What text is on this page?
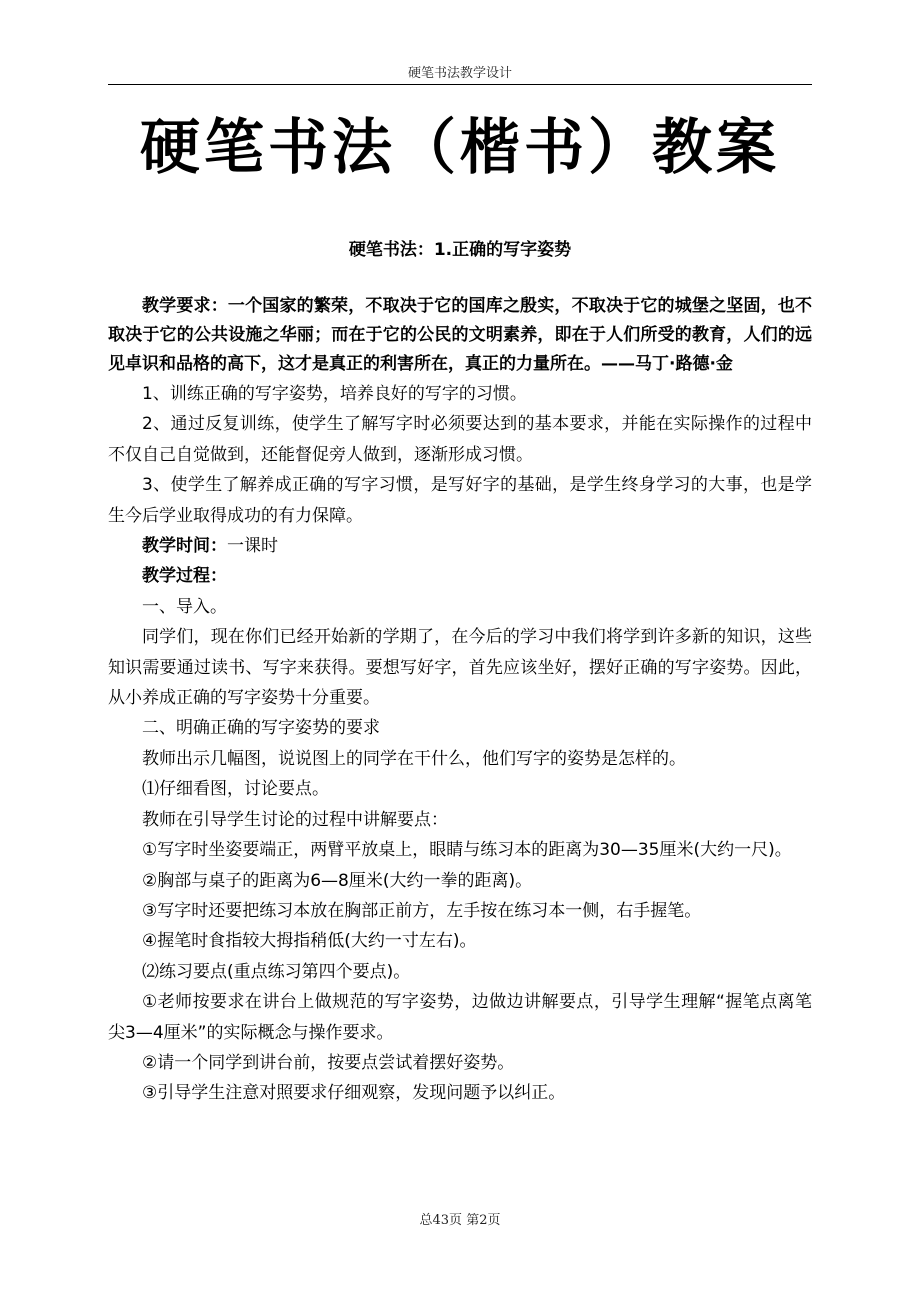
硬笔书法教学设计
硬笔书法（楷书）教案
硬笔书法：1.正确的写字姿势

教学要求：一个国家的繁荣，不取决于它的国库之殷实，不取决于它的城堡之坚固，也不取决于它的公共设施之华丽；而在于它的公民的文明素养，即在于人们所受的教育，人们的远见卓识和品格的高下，这才是真正的利害所在，真正的力量所在。——马丁·路德·金

1、训练正确的写字姿势，培养良好的写字的习惯。

2、通过反复训练，使学生了解写字时必须要达到的基本要求，并能在实际操作的过程中不仅自己自觉做到，还能督促旁人做到，逐渐形成习惯。

3、使学生了解养成正确的写字习惯，是写好字的基础，是学生终身学习的大事，也是学生今后学业取得成功的有力保障。

教学时间：一课时

教学过程：

一、导入。

同学们，现在你们已经开始新的学期了，在今后的学习中我们将学到许多新的知识，这些知识需要通过读书、写字来获得。要想写好字，首先应该坐好，摆好正确的写字姿势。因此，从小养成正确的写字姿势十分重要。

二、明确正确的写字姿势的要求

教师出示几幅图，说说图上的同学在干什么，他们写字的姿势是怎样的。

⑴仔细看图，讨论要点。

教师在引导学生讨论的过程中讲解要点：

①写字时坐姿要端正，两臂平放桌上，眼睛与练习本的距离为30—35厘米(大约一尺)。

②胸部与桌子的距离为6—8厘米(大约一拳的距离)。

③写字时还要把练习本放在胸部正前方，左手按在练习本一侧，右手握笔。

④握笔时食指较大拇指稍低(大约一寸左右)。

⑵练习要点(重点练习第四个要点)。

①老师按要求在讲台上做规范的写字姿势，边做边讲解要点，引导学生理解“握笔点离笔尖3—4厘米”的实际概念与操作要求。

②请一个同学到讲台前，按要点尝试着摆好姿势。

③引导学生注意对照要求仔细观察，发现问题予以纠正。

总43页 第2页
